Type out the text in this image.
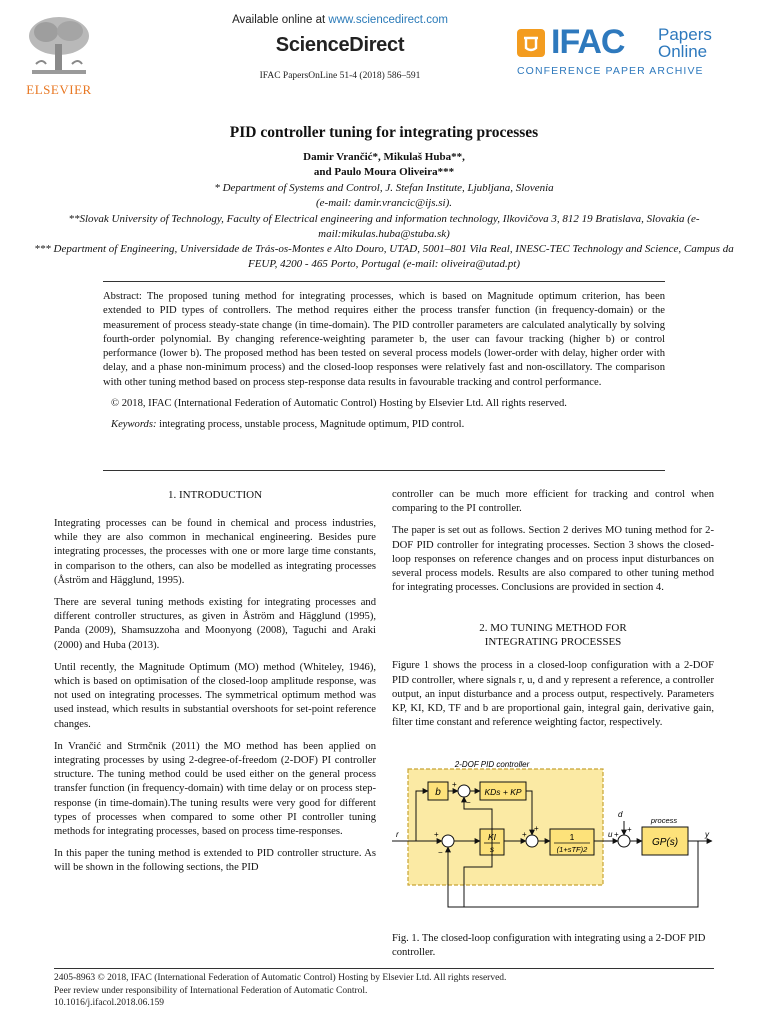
ELSEVIER
Available online at www.sciencedirect.com
ScienceDirect
IFAC PapersOnLine 51-4 (2018) 586–591
IFAC Papers
Online
CONFERENCE PAPER ARCHIVE
PID controller tuning for integrating processes
Damir Vrančić*, Mikulaš Huba**,
and Paulo Moura Oliveira***
* Department of Systems and Control, J. Stefan Institute, Ljubljana, Slovenia
(e-mail: damir.vrancic@ijs.si).
**Slovak University of Technology, Faculty of Electrical engineering and information technology, Ilkovičova 3, 812 19 Bratislava, Slovakia (e-mail:mikulas.huba@stuba.sk)
*** Department of Engineering, Universidade de Trás-os-Montes e Alto Douro, UTAD, 5001–801 Vila Real, INESC-TEC Technology and Science, Campus da FEUP, 4200 - 465 Porto, Portugal (e-mail: oliveira@utad.pt)
Abstract: The proposed tuning method for integrating processes, which is based on Magnitude optimum criterion, has been extended to PID types of controllers. The method requires either the process transfer function (in frequency-domain) or the measurement of process steady-state change (in time-domain). The PID controller parameters are calculated analytically by solving fourth-order polynomial. By changing reference-weighting parameter b, the user can favour tracking (higher b) or control performance (lower b). The proposed method has been tested on several process models (lower-order with delay, higher order with delay, and a phase non-minimum process) and the closed-loop responses were relatively fast and non-oscillatory. The comparison with other tuning method based on process step-response data results in favourable tracking and control performance.
© 2018, IFAC (International Federation of Automatic Control) Hosting by Elsevier Ltd. All rights reserved.
Keywords: integrating process, unstable process, Magnitude optimum, PID control.
1. INTRODUCTION

Integrating processes can be found in chemical and process industries, while they are also common in mechanical engineering. Besides pure integrating processes, the processes with one or more large time constants, in comparison to the others, can also be modelled as integrating processes (Åström and Hägglund, 1995).

There are several tuning methods existing for integrating processes and different controller structures, as given in Åström and Hägglund (1995), Panda (2009), Shamsuzzoha and Moonyong (2008), Taguchi and Araki (2000) and Huba (2013).

Until recently, the Magnitude Optimum (MO) method (Whiteley, 1946), which is based on optimisation of the closed-loop amplitude response, was not used on integrating processes. The symmetrical optimum method was used instead, which results in substantial overshoots for set-point reference changes.

In Vrančić and Strmčnik (2011) the MO method has been applied on integrating processes by using 2-degree-of-freedom (2-DOF) PI controller structure. The tuning method could be used either on the general process transfer function (in frequency-domain) with time delay or on process step-response (in time-domain).The tuning results were very good for different types of processes when compared to some other PI controller tuning methods for integrating processes, based on process time-responses.

In this paper the tuning method is extended to PID controller structure. As will be shown in the following sections, the PID

controller can be much more efficient for tracking and control when comparing to the PI controller.

The paper is set out as follows. Section 2 derives MO tuning method for 2-DOF PID controller for integrating processes. Section 3 shows the closed-loop responses on reference changes and on process input disturbances on several process models. Results are also compared to other tuning method for integrating processes. Conclusions are provided in section 4.

2. MO TUNING METHOD FOR INTEGRATING PROCESSES

Figure 1 shows the process in a closed-loop configuration with a 2-DOF PID controller, where signals r, u, d and y represent a reference, a controller output, an input disturbance and a process output, respectively. Parameters KP, KI, KD, TF and b are proportional gain, integral gain, derivative gain, filter time constant and reference weighting factor, respectively.

2-DOF PID controller
b	KDs + KP
KI
s
1
(1+sTF)2
process
GP(s)
r	u
d
y
+
−
+
−
+
+
+
+
Fig. 1. The closed-loop configuration with integrating using a 2-DOF PID controller.
2405-8963 © 2018, IFAC (International Federation of Automatic Control) Hosting by Elsevier Ltd. All rights reserved.
Peer review under responsibility of International Federation of Automatic Control.
10.1016/j.ifacol.2018.06.159
